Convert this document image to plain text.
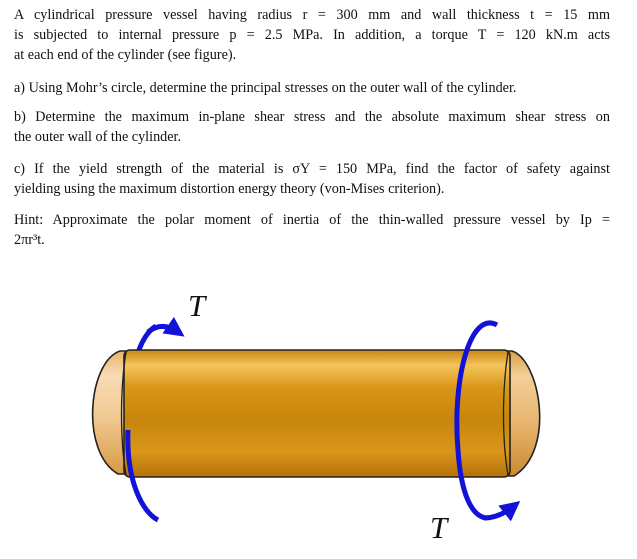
A cylindrical pressure vessel having radius r = 300 mm and wall thickness t = 15 mm
is subjected to internal pressure p = 2.5 MPa. In addition, a torque T = 120 kN.m acts
at each end of the cylinder (see figure).
a) Using Mohr’s circle, determine the principal stresses on the outer wall of the cylinder.
b) Determine the maximum in-plane shear stress and the absolute maximum shear stress on
the outer wall of the cylinder.
c) If the yield strength of the material is σY = 150 MPa, find the factor of safety against
yielding using the maximum distortion energy theory (von-Mises criterion).
Hint: Approximate the polar moment of inertia of the thin-walled pressure vessel by Ip =
2πr³t.
T
T
